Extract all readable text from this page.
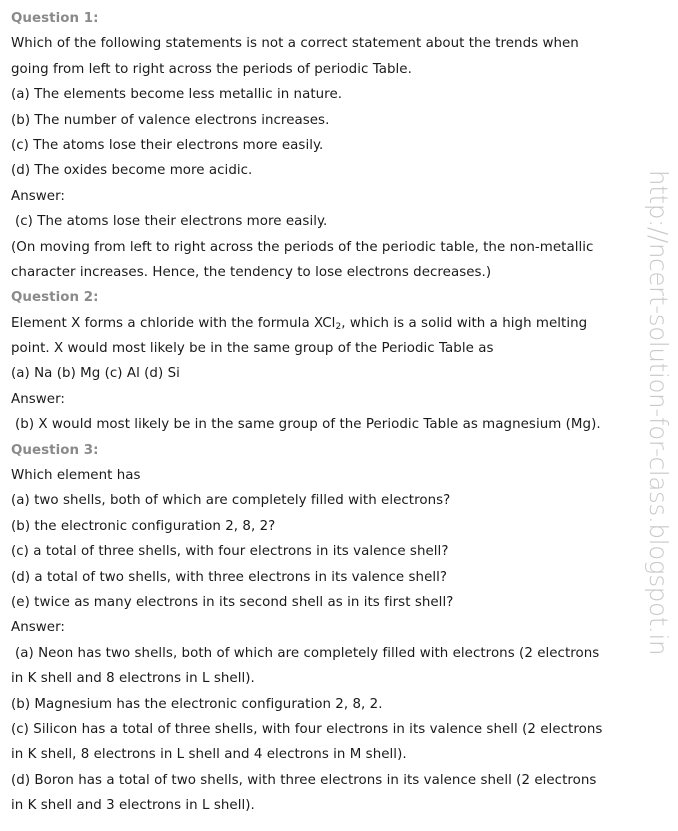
Question 1:
Which of the following statements is not a correct statement about the trends when
going from left to right across the periods of periodic Table.
(a) The elements become less metallic in nature.
(b) The number of valence electrons increases.
(c) The atoms lose their electrons more easily.
(d) The oxides become more acidic.
Answer:
(c) The atoms lose their electrons more easily.
(On moving from left to right across the periods of the periodic table, the non-metallic
character increases. Hence, the tendency to lose electrons decreases.)
Question 2:
Element X forms a chloride with the formula XCl$_2$, which is a solid with a high melting
point. X would most likely be in the same group of the Periodic Table as
(a) Na (b) Mg (c) Al (d) Si
Answer:
(b) X would most likely be in the same group of the Periodic Table as magnesium (Mg).
Question 3:
Which element has
(a) two shells, both of which are completely filled with electrons?
(b) the electronic configuration 2, 8, 2?
(c) a total of three shells, with four electrons in its valence shell?
(d) a total of two shells, with three electrons in its valence shell?
(e) twice as many electrons in its second shell as in its first shell?
Answer:
(a) Neon has two shells, both of which are completely filled with electrons (2 electrons
in K shell and 8 electrons in L shell).
(b) Magnesium has the electronic configuration 2, 8, 2.
(c) Silicon has a total of three shells, with four electrons in its valence shell (2 electrons
in K shell, 8 electrons in L shell and 4 electrons in M shell).
(d) Boron has a total of two shells, with three electrons in its valence shell (2 electrons
in K shell and 3 electrons in L shell).
http://ncert-solution-for-class.blogspot.in
